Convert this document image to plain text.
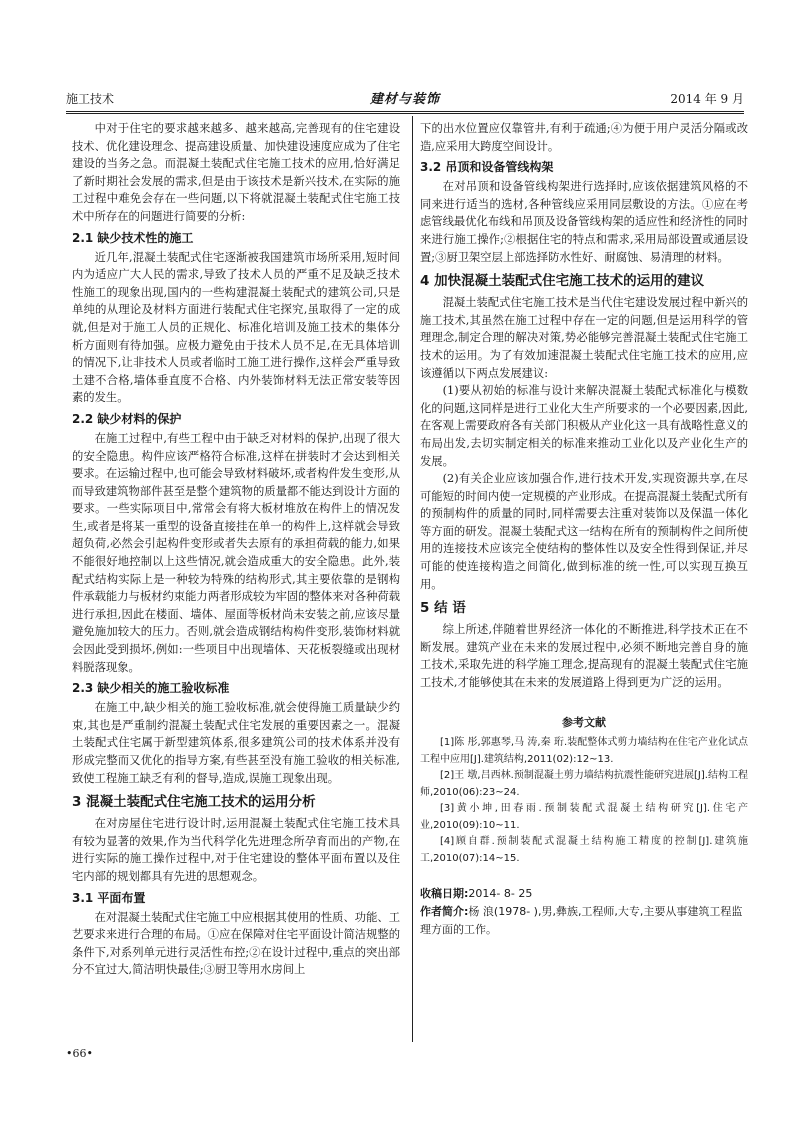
施工技术	建材与装饰	2014 年 9 月

中对于住宅的要求越来越多、越来越高,完善现有的住宅建设技术、优化建设理念、提高建设质量、加快建设速度应成为了住宅建设的当务之急。而混凝土装配式住宅施工技术的应用,恰好满足了新时期社会发展的需求,但是由于该技术是新兴技术,在实际的施工过程中难免会存在一些问题,以下将就混凝土装配式住宅施工技术中所存在的问题进行简要的分析:

2.1 缺少技术性的施工

近几年,混凝土装配式住宅逐渐被我国建筑市场所采用,短时间内为适应广大人民的需求,导致了技术人员的严重不足及缺乏技术性施工的现象出现,国内的一些构建混凝土装配式的建筑公司,只是单纯的从理论及材料方面进行装配式住宅探究,虽取得了一定的成就,但是对于施工人员的正规化、标准化培训及施工技术的集体分析方面则有待加强。应极力避免由于技术人员不足,在无具体培训的情况下,让非技术人员或者临时工施工进行操作,这样会严重导致土建不合格,墙体垂直度不合格、内外装饰材料无法正常安装等因素的发生。

2.2 缺少材料的保护

在施工过程中,有些工程中由于缺乏对材料的保护,出现了很大的安全隐患。构件应该严格符合标准,这样在拼装时才会达到相关要求。在运输过程中,也可能会导致材料破坏,或者构件发生变形,从而导致建筑物部件甚至是整个建筑物的质量都不能达到设计方面的要求。一些实际项目中,常常会有将大板材堆放在构件上的情况发生,或者是将某一重型的设备直接挂在单一的构件上,这样就会导致超负荷,必然会引起构件变形或者失去原有的承担荷载的能力,如果不能很好地控制以上这些情况,就会造成重大的安全隐患。此外,装配式结构实际上是一种较为特殊的结构形式,其主要依靠的是钢构件承载能力与板材约束能力两者形成较为牢固的整体来对各种荷载进行承担,因此在楼面、墙体、屋面等板材尚未安装之前,应该尽量避免施加较大的压力。否则,就会造成钢结构构件变形,装饰材料就会因此受到损坏,例如:一些项目中出现墙体、天花板裂缝或出现材料脱落现象。

2.3 缺少相关的施工验收标准

在施工中,缺少相关的施工验收标准,就会使得施工质量缺少约束,其也是严重制约混凝土装配式住宅发展的重要因素之一。混凝土装配式住宅属于新型建筑体系,很多建筑公司的技术体系并没有形成完整而又优化的指导方案,有些甚至没有施工验收的相关标准,致使工程施工缺乏有利的督导,造成,误施工现象出现。

3 混凝土装配式住宅施工技术的运用分析

在对房屋住宅进行设计时,运用混凝土装配式住宅施工技术具有较为显著的效果,作为当代科学化先进理念所孕育而出的产物,在进行实际的施工操作过程中,对于住宅建设的整体平面布置以及住宅内部的规划都具有先进的思想观念。

3.1 平面布置

在对混凝土装配式住宅施工中应根据其使用的性质、功能、工艺要求来进行合理的布局。①应在保障对住宅平面设计简洁规整的条件下,对系列单元进行灵活性布控;②在设计过程中,重点的突出部分不宜过大,简洁明快最佳;③厨卫等用水房间上

下的出水位置应仅靠管井,有利于疏通;④为便于用户灵活分隔或改造,应采用大跨度空间设计。

3.2 吊顶和设备管线构架

在对吊顶和设备管线构架进行选择时,应该依据建筑风格的不同来进行适当的选材,各种管线应采用同层敷设的方法。①应在考虑管线最优化布线和吊顶及设备管线构架的适应性和经济性的同时来进行施工操作;②根据住宅的特点和需求,采用局部设置或通层设置;③厨卫架空层上部选择防水性好、耐腐蚀、易清理的材料。

4 加快混凝土装配式住宅施工技术的运用的建议

混凝土装配式住宅施工技术是当代住宅建设发展过程中新兴的施工技术,其虽然在施工过程中存在一定的问题,但是运用科学的管理理念,制定合理的解决对策,势必能够完善混凝土装配式住宅施工技术的运用。为了有效加速混凝土装配式住宅施工技术的应用,应该遵循以下两点发展建议:

(1)要从初始的标准与设计来解决混凝土装配式标准化与模数化的问题,这同样是进行工业化大生产所要求的一个必要因素,因此,在客观上需要政府各有关部门积极从产业化这一具有战略性意义的布局出发,去切实制定相关的标准来推动工业化以及产业化生产的发展。

(2)有关企业应该加强合作,进行技术开发,实现资源共享,在尽可能短的时间内使一定规模的产业形成。在提高混凝土装配式所有的预制构件的质量的同时,同样需要去注重对装饰以及保温一体化等方面的研发。混凝土装配式这一结构在所有的预制构件之间所使用的连接技术应该完全使结构的整体性以及安全性得到保证,并尽可能的使连接构造之间简化,做到标准的统一性,可以实现互换互用。

5 结 语

综上所述,伴随着世界经济一体化的不断推进,科学技术正在不断发展。建筑产业在未来的发展过程中,必须不断地完善自身的施工技术,采取先进的科学施工理念,提高现有的混凝土装配式住宅施工技术,才能够使其在未来的发展道路上得到更为广泛的运用。

参考文献

[1]陈 彤,郭惠琴,马 涛,秦 珩.装配整体式剪力墙结构在住宅产业化试点工程中应用[J].建筑结构,2011(02):12~13.

[2]王 墩,吕西林.预制混凝土剪力墙结构抗震性能研究进展[J].结构工程师,2010(06):23~24.

[3]黄小坤,田春雨.预制装配式混凝土结构研究[J].住宅产业,2010(09):10~11.

[4]顾自群.预制装配式混凝土结构施工精度的控制[J].建筑施工,2010(07):14~15.

收稿日期:2014- 8- 25
作者简介:杨 浪(1978- ),男,彝族,工程师,大专,主要从事建筑工程监理方面的工作。
•66•
